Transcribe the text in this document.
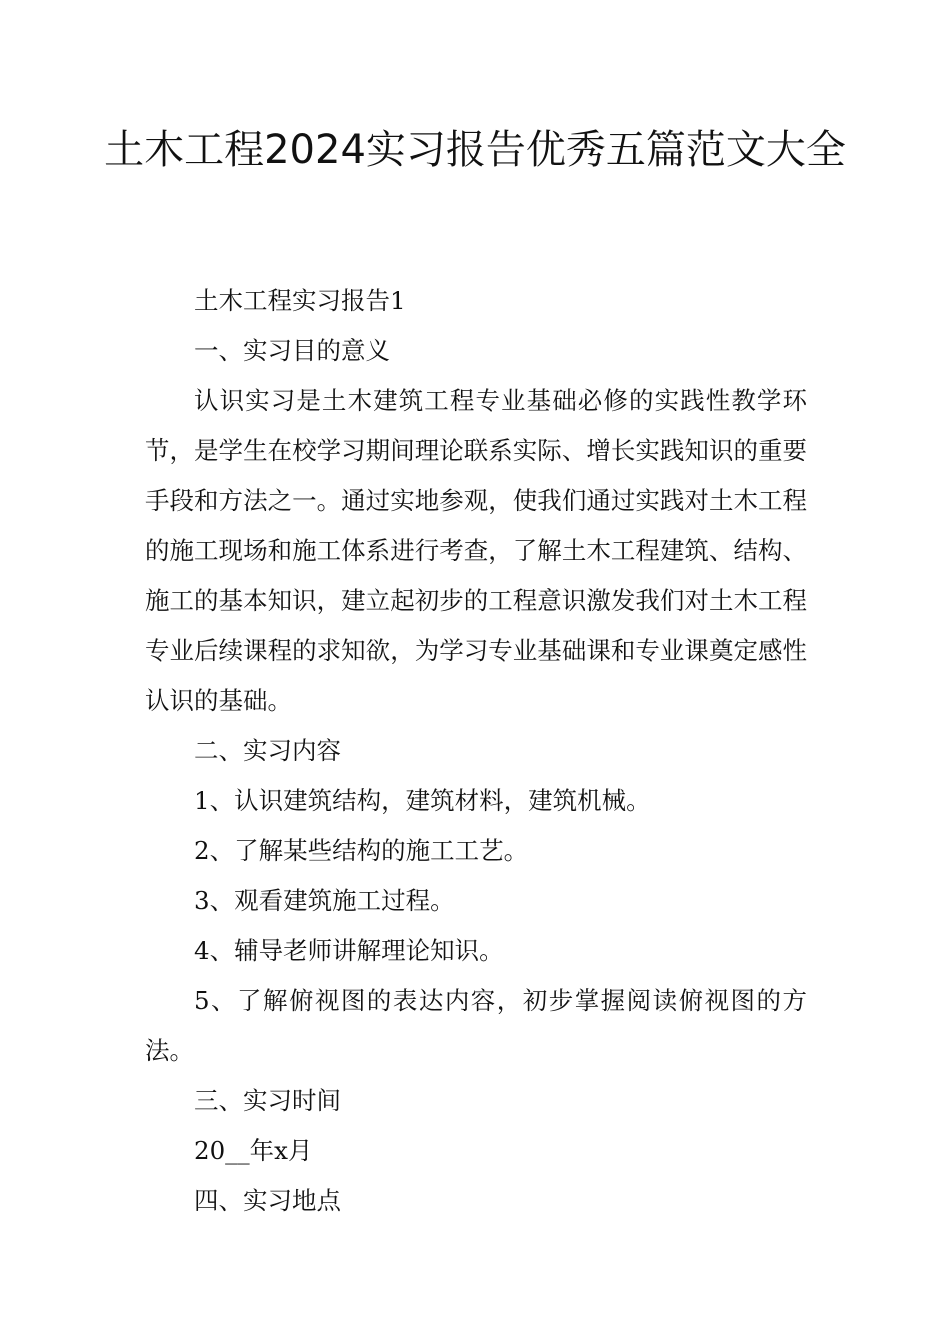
土木工程2024实习报告优秀五篇范文大全

土木工程实习报告1

一、实习目的意义

认识实习是土木建筑工程专业基础必修的实践性教学环节，是学生在校学习期间理论联系实际、增长实践知识的重要手段和方法之一。通过实地参观，使我们通过实践对土木工程的施工现场和施工体系进行考查，了解土木工程建筑、结构、施工的基本知识，建立起初步的工程意识激发我们对土木工程专业后续课程的求知欲，为学习专业基础课和专业课奠定感性认识的基础。

二、实习内容

1、认识建筑结构，建筑材料，建筑机械。

2、了解某些结构的施工工艺。

3、观看建筑施工过程。

4、辅导老师讲解理论知识。

5、了解俯视图的表达内容，初步掌握阅读俯视图的方法。

三、实习时间

20__年x月

四、实习地点
